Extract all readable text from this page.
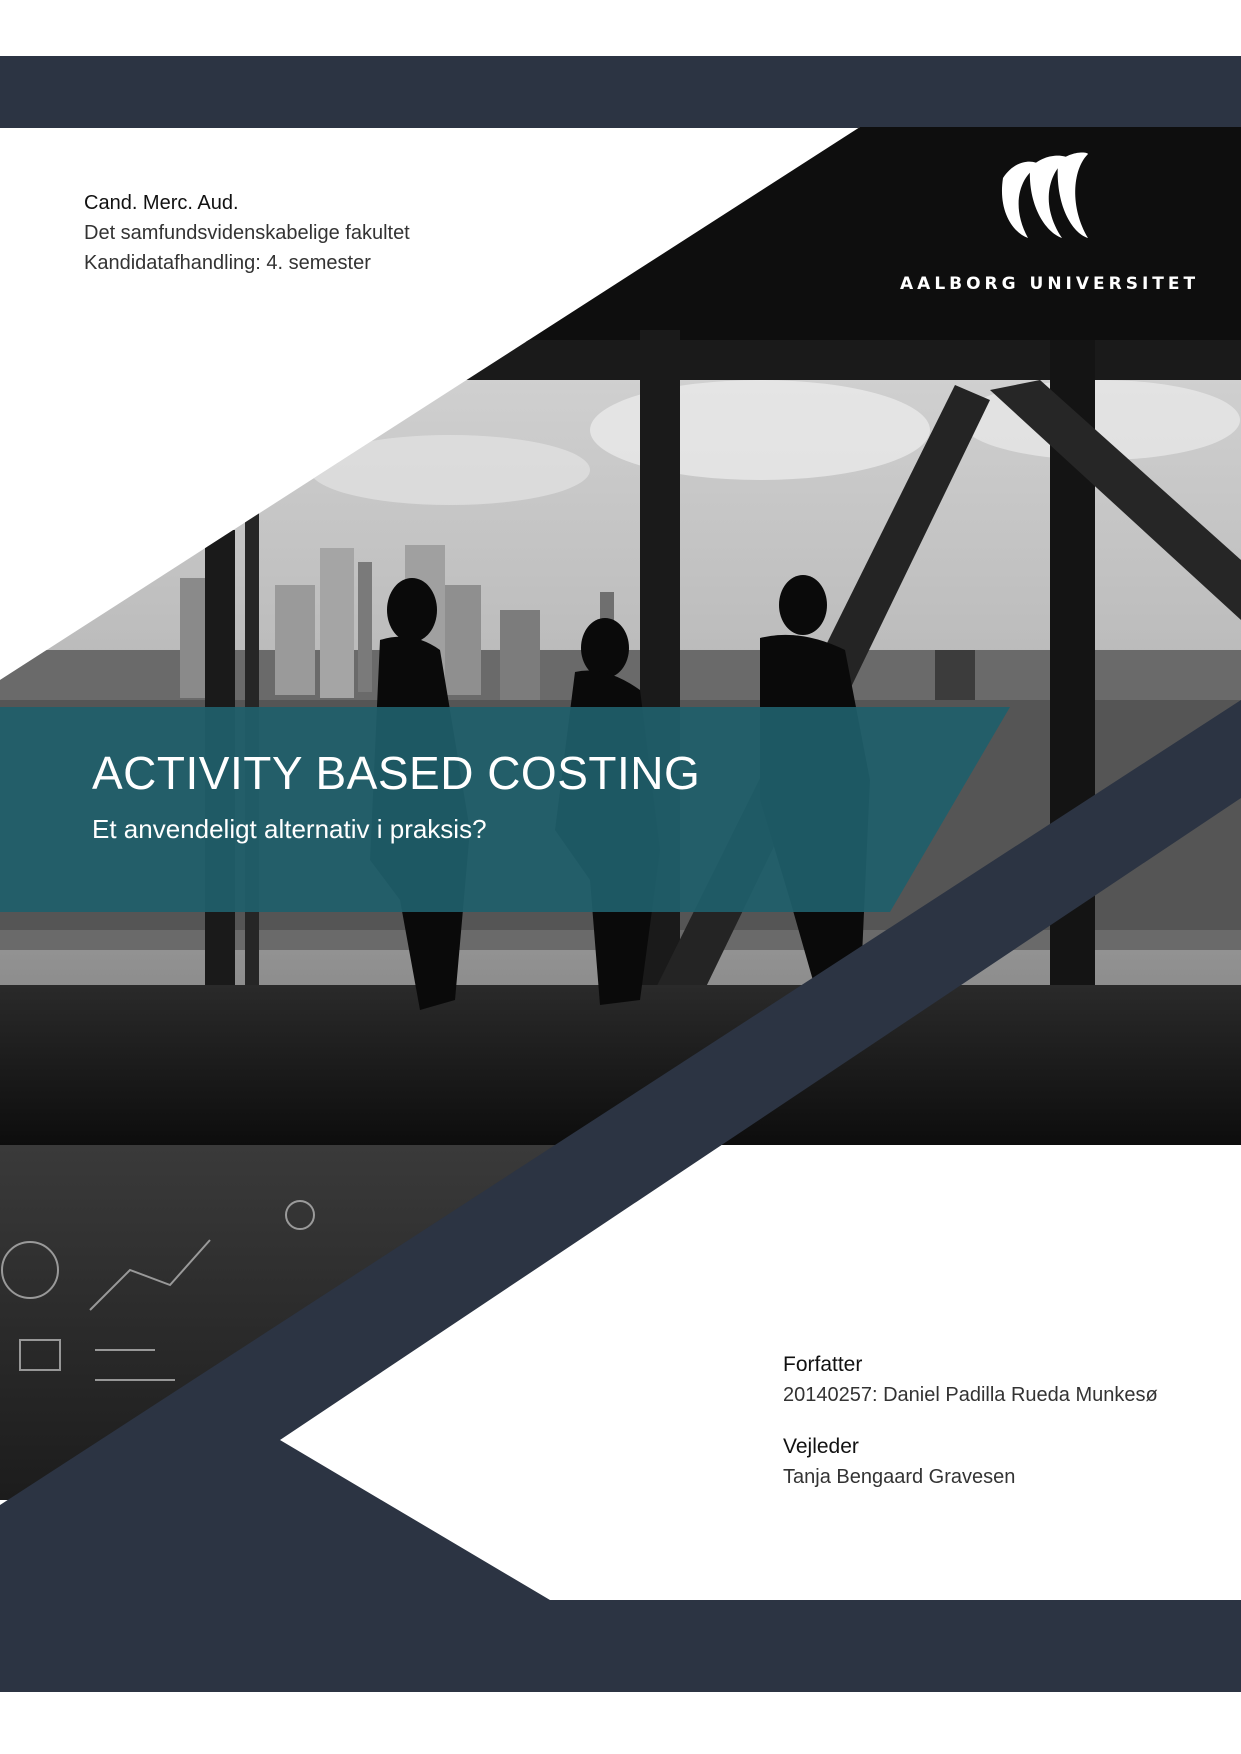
Cand. Merc. Aud.
Det samfundsvidenskabelige fakultet
Kandidatafhandling: 4. semester
AALBORG UNIVERSITET
ACTIVITY BASED COSTING
Et anvendeligt alternativ i praksis?
Forfatter
20140257: Daniel Padilla Rueda Munkesø
Vejleder
Tanja Bengaard Gravesen
